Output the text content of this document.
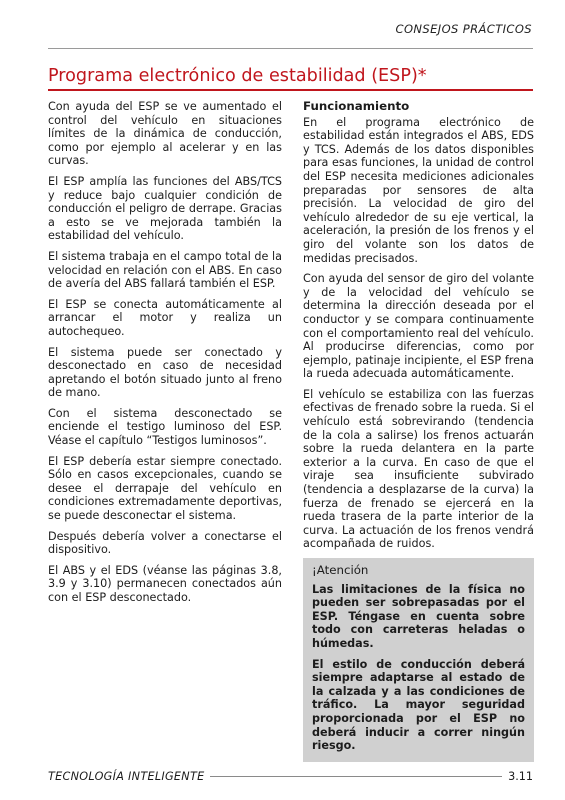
CONSEJOS PRÁCTICOS
Programa electrónico de estabilidad (ESP)*

Con ayuda del ESP se ve aumentado el control del vehículo en situaciones límites de la dinámica de conducción, como por ejemplo al acelerar y en las curvas.

El ESP amplía las funciones del ABS/TCS y reduce bajo cualquier condición de conducción el peligro de derrape. Gracias a esto se ve mejorada también la estabilidad del vehículo.

El sistema trabaja en el campo total de la velocidad en relación con el ABS. En caso de avería del ABS fallará también el ESP.

El ESP se conecta automáticamente al arrancar el motor y realiza un autochequeo.

El sistema puede ser conectado y desconectado en caso de necesidad apretando el botón situado junto al freno de mano.

Con el sistema desconectado se enciende el testigo luminoso del ESP. Véase el capítulo “Testigos luminosos”.

El ESP debería estar siempre conectado. Sólo en casos excepcionales, cuando se desee el derrapaje del vehículo en condiciones extremadamente deportivas, se puede desconectar el sistema.

Después debería volver a conectarse el dispositivo.

El ABS y el EDS (véanse las páginas 3.8, 3.9 y 3.10) permanecen conectados aún con el ESP desconectado.

Funcionamiento

En el programa electrónico de estabilidad están integrados el ABS, EDS y TCS. Además de los datos disponibles para esas funciones, la unidad de control del ESP necesita mediciones adicionales preparadas por sensores de alta precisión. La velocidad de giro del vehículo alrededor de su eje vertical, la aceleración, la presión de los frenos y el giro del volante son los datos de medidas precisados.

Con ayuda del sensor de giro del volante y de la velocidad del vehículo se determina la dirección deseada por el conductor y se compara continuamente con el comportamiento real del vehículo. Al producirse diferencias, como por ejemplo, patinaje incipiente, el ESP frena la rueda adecuada automáticamente.

El vehículo se estabiliza con las fuerzas efectivas de frenado sobre la rueda. Si el vehículo está sobrevirando (tendencia de la cola a salirse) los frenos actuarán sobre la rueda delantera en la parte exterior a la curva. En caso de que el viraje sea insuficiente subvirado (tendencia a desplazarse de la curva) la fuerza de frenado se ejercerá en la rueda trasera de la parte interior de la curva. La actuación de los frenos vendrá acompañada de ruidos.

¡Atención

Las limitaciones de la física no pueden ser sobrepasadas por el ESP. Téngase en cuenta sobre todo con carreteras heladas o húmedas.

El estilo de conducción deberá siempre adaptarse al estado de la calzada y a las condiciones de tráfico. La mayor seguridad proporcionada por el ESP no deberá inducir a correr ningún riesgo.

TECNOLOGÍA INTELIGENTE	3.11
